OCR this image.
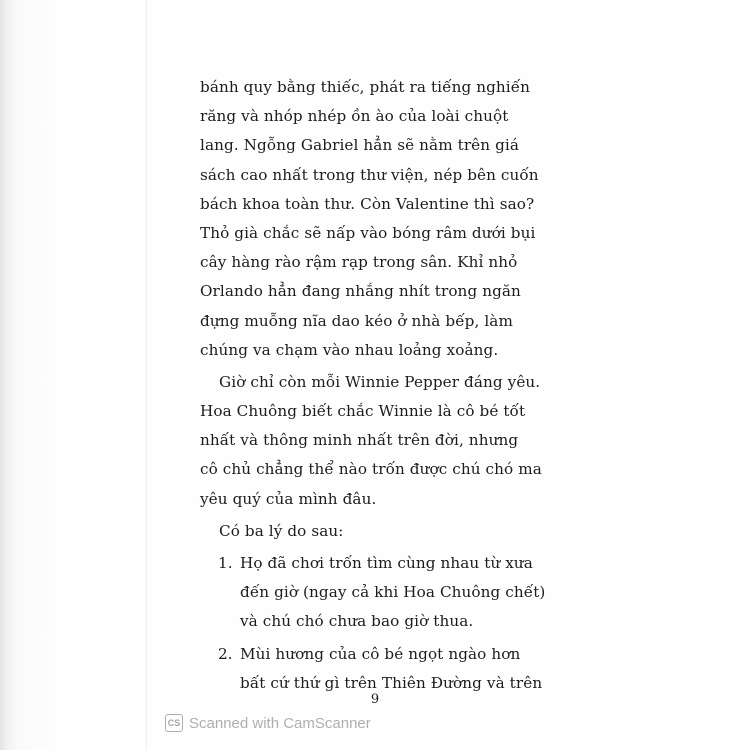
bánh quy bằng thiếc, phát ra tiếng nghiến
răng và nhóp nhép ồn ào của loài chuột
lang. Ngỗng Gabriel hẳn sẽ nằm trên giá
sách cao nhất trong thư viện, nép bên cuốn
bách khoa toàn thư. Còn Valentine thì sao?
Thỏ già chắc sẽ nấp vào bóng râm dưới bụi
cây hàng rào rậm rạp trong sân. Khỉ nhỏ
Orlando hẳn đang nhắng nhít trong ngăn
đựng muỗng nĩa dao kéo ở nhà bếp, làm
chúng va chạm vào nhau loảng xoảng.
Giờ chỉ còn mỗi Winnie Pepper đáng yêu.
Hoa Chuông biết chắc Winnie là cô bé tốt
nhất và thông minh nhất trên đời, nhưng
cô chủ chẳng thể nào trốn được chú chó ma
yêu quý của mình đâu.
Có ba lý do sau:
1. Họ đã chơi trốn tìm cùng nhau từ xưa
đến giờ (ngay cả khi Hoa Chuông chết)
và chú chó chưa bao giờ thua.
2. Mùi hương của cô bé ngọt ngào hơn
bất cứ thứ gì trên Thiên Đường và trên
9
CS Scanned with CamScanner
